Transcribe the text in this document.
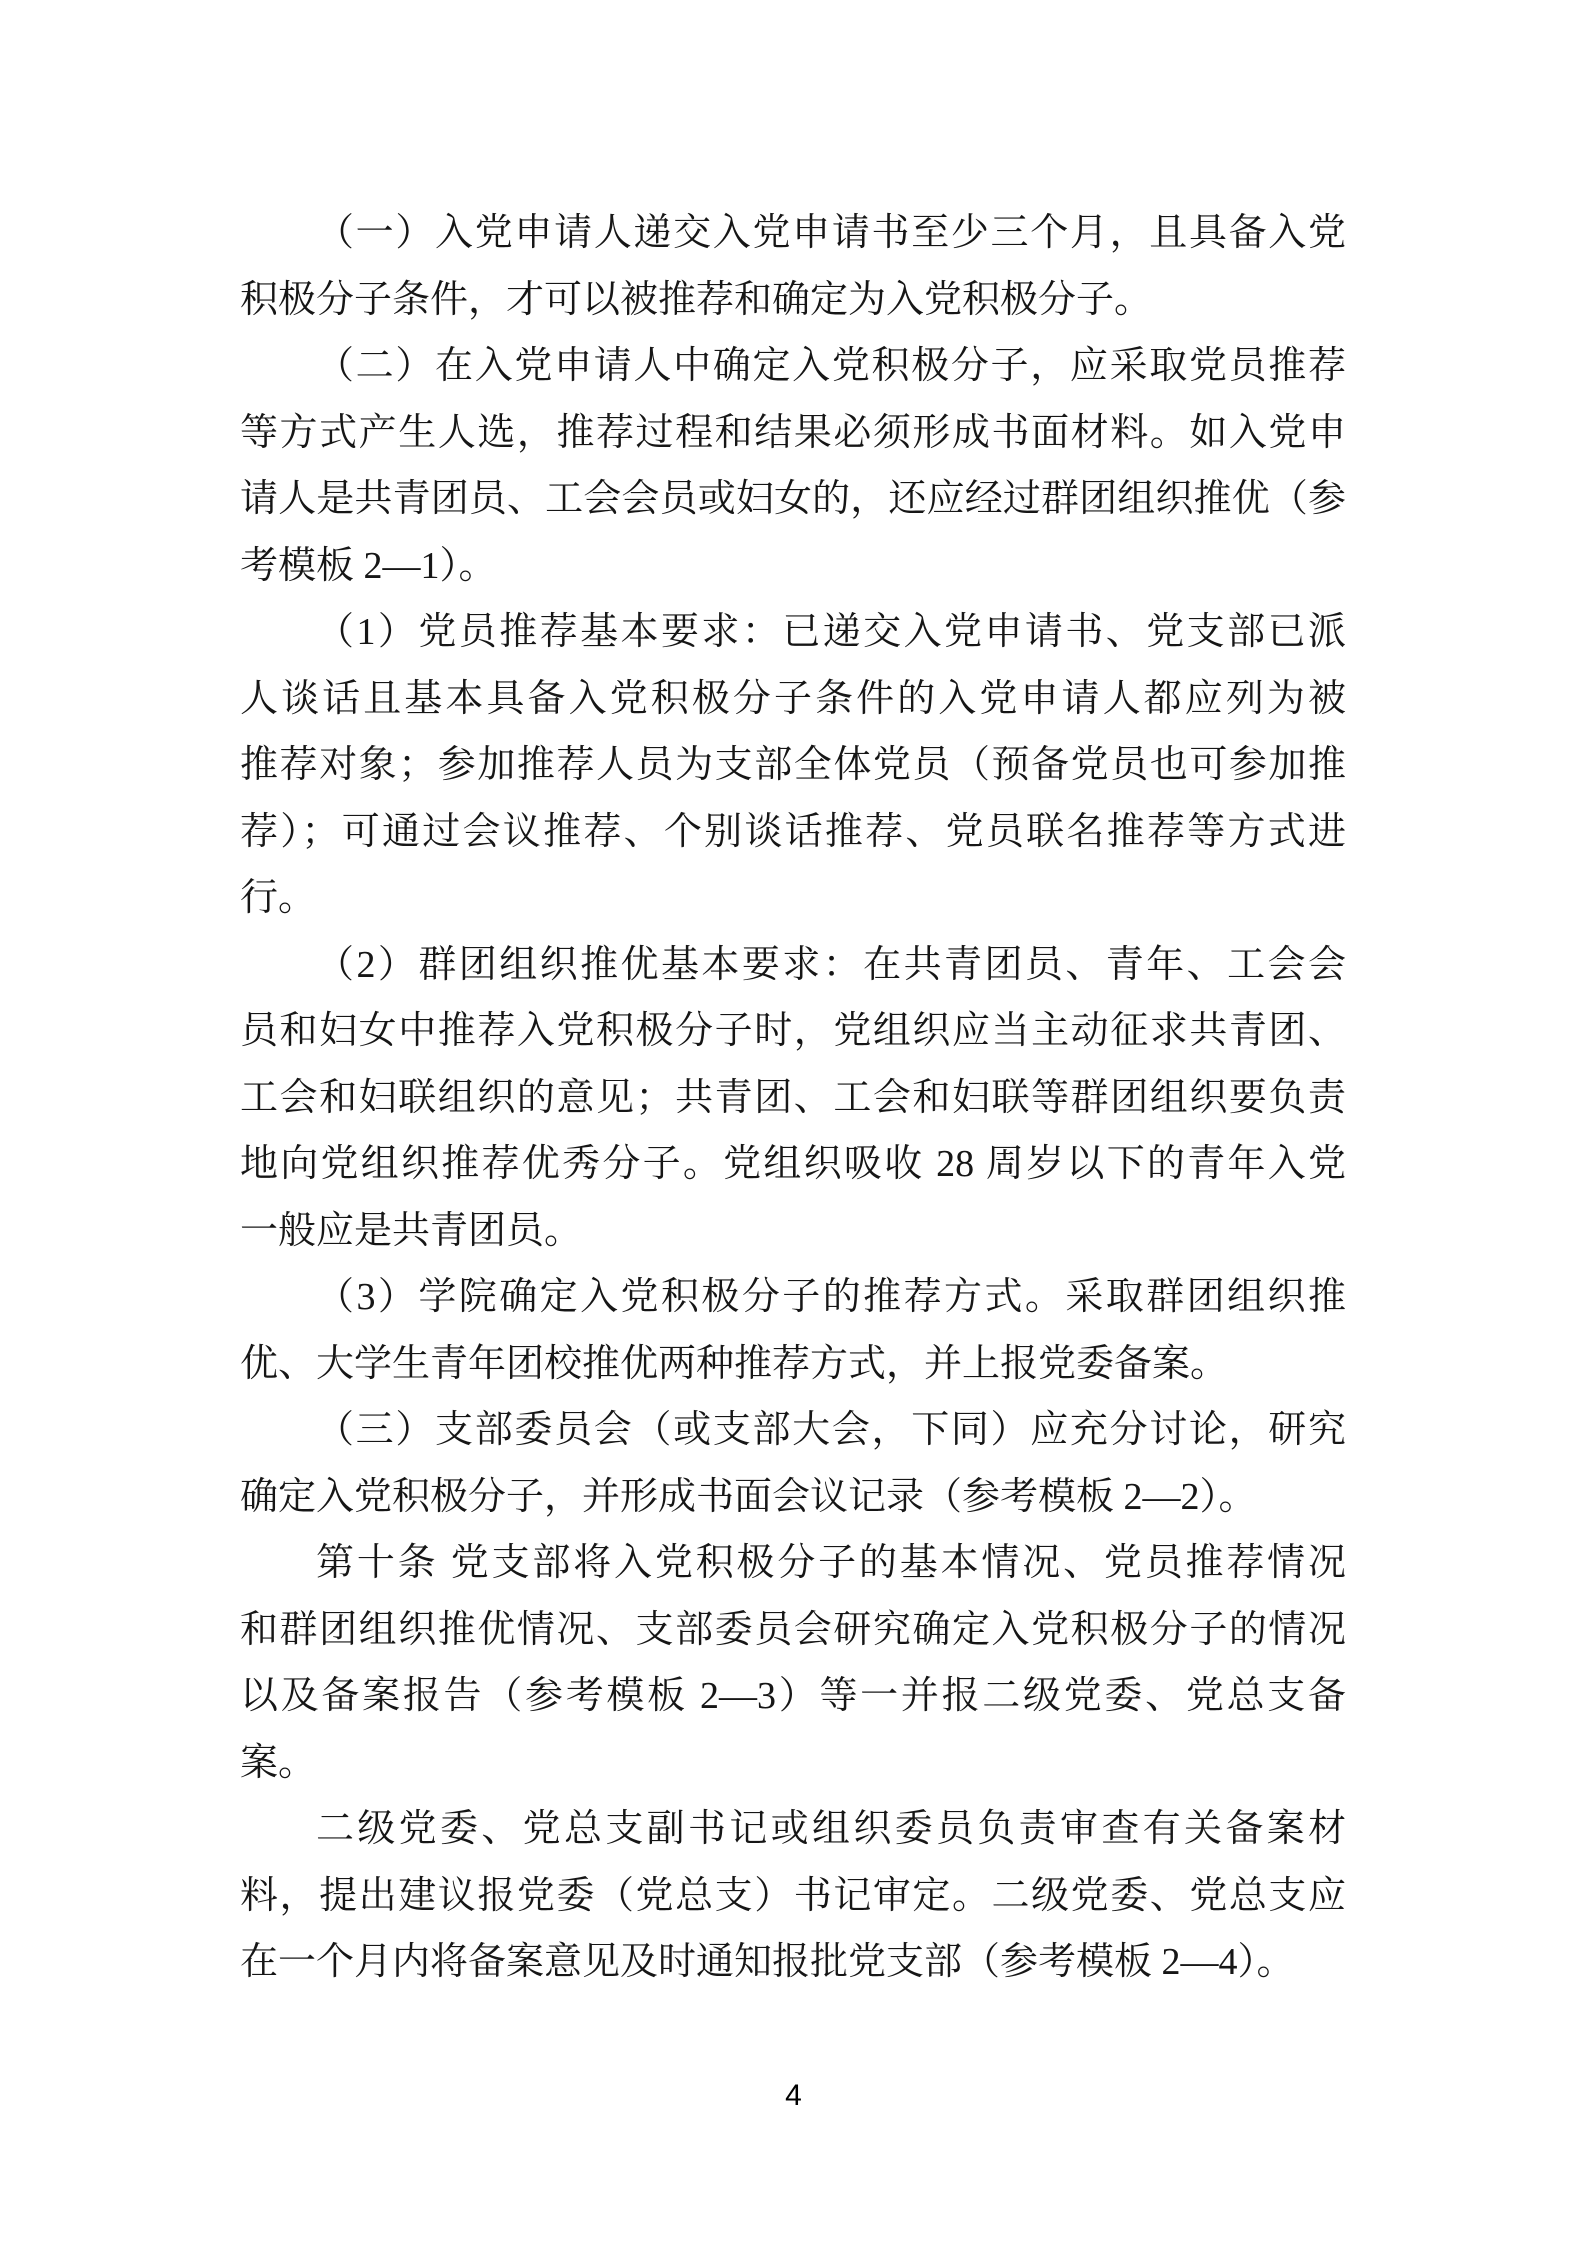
（一）入党申请人递交入党申请书至少三个月，且具备入党
积极分子条件，才可以被推荐和确定为入党积极分子。
（二）在入党申请人中确定入党积极分子，应采取党员推荐
等方式产生人选，推荐过程和结果必须形成书面材料。如入党申
请人是共青团员、工会会员或妇女的，还应经过群团组织推优（参
考模板 2—1）。
（1）党员推荐基本要求：已递交入党申请书、党支部已派
人谈话且基本具备入党积极分子条件的入党申请人都应列为被
推荐对象；参加推荐人员为支部全体党员（预备党员也可参加推
荐）；可通过会议推荐、个别谈话推荐、党员联名推荐等方式进
行。
（2）群团组织推优基本要求：在共青团员、青年、工会会
员和妇女中推荐入党积极分子时，党组织应当主动征求共青团、
工会和妇联组织的意见；共青团、工会和妇联等群团组织要负责
地向党组织推荐优秀分子。党组织吸收 28 周岁以下的青年入党
一般应是共青团员。
（3）学院确定入党积极分子的推荐方式。采取群团组织推
优、大学生青年团校推优两种推荐方式，并上报党委备案。
（三）支部委员会（或支部大会，下同）应充分讨论，研究
确定入党积极分子，并形成书面会议记录（参考模板 2—2）。
第十条 党支部将入党积极分子的基本情况、党员推荐情况
和群团组织推优情况、支部委员会研究确定入党积极分子的情况
以及备案报告（参考模板 2—3）等一并报二级党委、党总支备
案。
二级党委、党总支副书记或组织委员负责审查有关备案材
料，提出建议报党委（党总支）书记审定。二级党委、党总支应
在一个月内将备案意见及时通知报批党支部（参考模板 2—4）。
4
